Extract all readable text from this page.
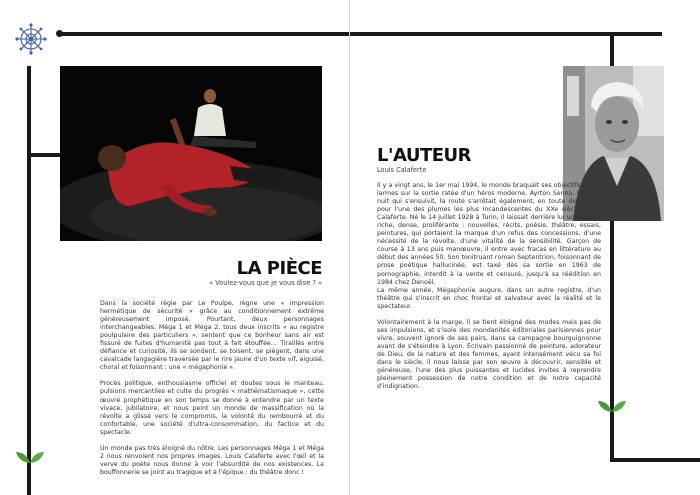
LA PIÈCE
« Voulez-vous que je vous dise ? »

Dans la société régie par Le Poulpe, règne une « impression hermétique de sécurité » grâce au conditionnement extrême généreusement imposé. Pourtant, deux personnages interchangeables, Méga 1 et Méga 2, tous deux inscrits « au registre poulpulaire des particuliers », sentent que ce bonheur sans air est fissuré de fuites d'humanité pas tout à fait étouffée… Tiraillés entre défiance et curiosité, ils se sondent, se toisent, se piègent, dans une cavalcade langagière traversée par le rire jaune d'un texte vif, aiguisé, choral et foisonnant : une « mégaphonie ».

Procès politique, enthousiasme officiel et doutes sous le manteau, pulsions mercantiles et culte du progrès « mathématismaque », cette œuvre prophétique en son temps se donne à entendre par un texte vivace, jubilatoire, et nous peint un monde de massification où la révolte a glissé vers le compromis, la volonté du rembourré et du confortable, une société d'ultra-consommation, du factice et du spectacle.

Un monde pas très éloigné du nôtre. Les personnages Méga 1 et Méga 2 nous renvoient nos propres images. Louis Calaferte avec l'œil et la verve du poète nous donne à voir l'absurdité de nos existences. La bouffonnerie se joint au tragique et à l'épique : du théâtre donc !

L'AUTEUR
Louis Calaferte

Il y a vingt ans, le 1er mai 1994, le monde braquait ses objectifs et ses larmes sur la sortie ratée d'un héros moderne, Ayrton Senna. Dans la nuit qui s'ensuivit, la route s'arrêtait également, en toute discrétion, pour l'une des plumes les plus incandescentes du XXe siècle, Louis Calaferte. Né le 14 juillet 1928 à Turin, il laissait derrière lui une œuvre riche, dense, proliférante : nouvelles, récits, poésie, théâtre, essais, peintures, qui portaient la marque d'un refus des concessions, d'une nécessité de la révolte, d'une vitalité de la sensibilité. Garçon de course à 13 ans puis manœuvre, il entre avec fracas en littérature au début des années 50. Son tonitruant roman Septentrion, foisonnant de prose poétique hallucinée, est taxé dès sa sortie en 1963 de pornographie, interdit à la vente et censuré, jusqu'à sa réédition en 1984 chez Denoël.

La même année, Mégaphonie augure, dans un autre registre, d'un théâtre qui s'inscrit en choc frontal et salvateur avec la réalité et le spectateur.

Volontairement à la marge, il se tient éloigné des modes mais pas de ses impulsions, et s'isole des mondanités éditoriales parisiennes pour vivre, souvent ignoré de ses pairs, dans sa campagne bourguignonne avant de s'éteindre à Lyon. Écrivain passionné de peinture, adorateur de Dieu, de la nature et des femmes, ayant intensément vécu sa foi dans le siècle, il nous laisse par son œuvre à découvrir, sensible et généreuse, l'une des plus puissantes et lucides invites à reprendre pleinement possession de notre condition et de notre capacité d'indignation.
